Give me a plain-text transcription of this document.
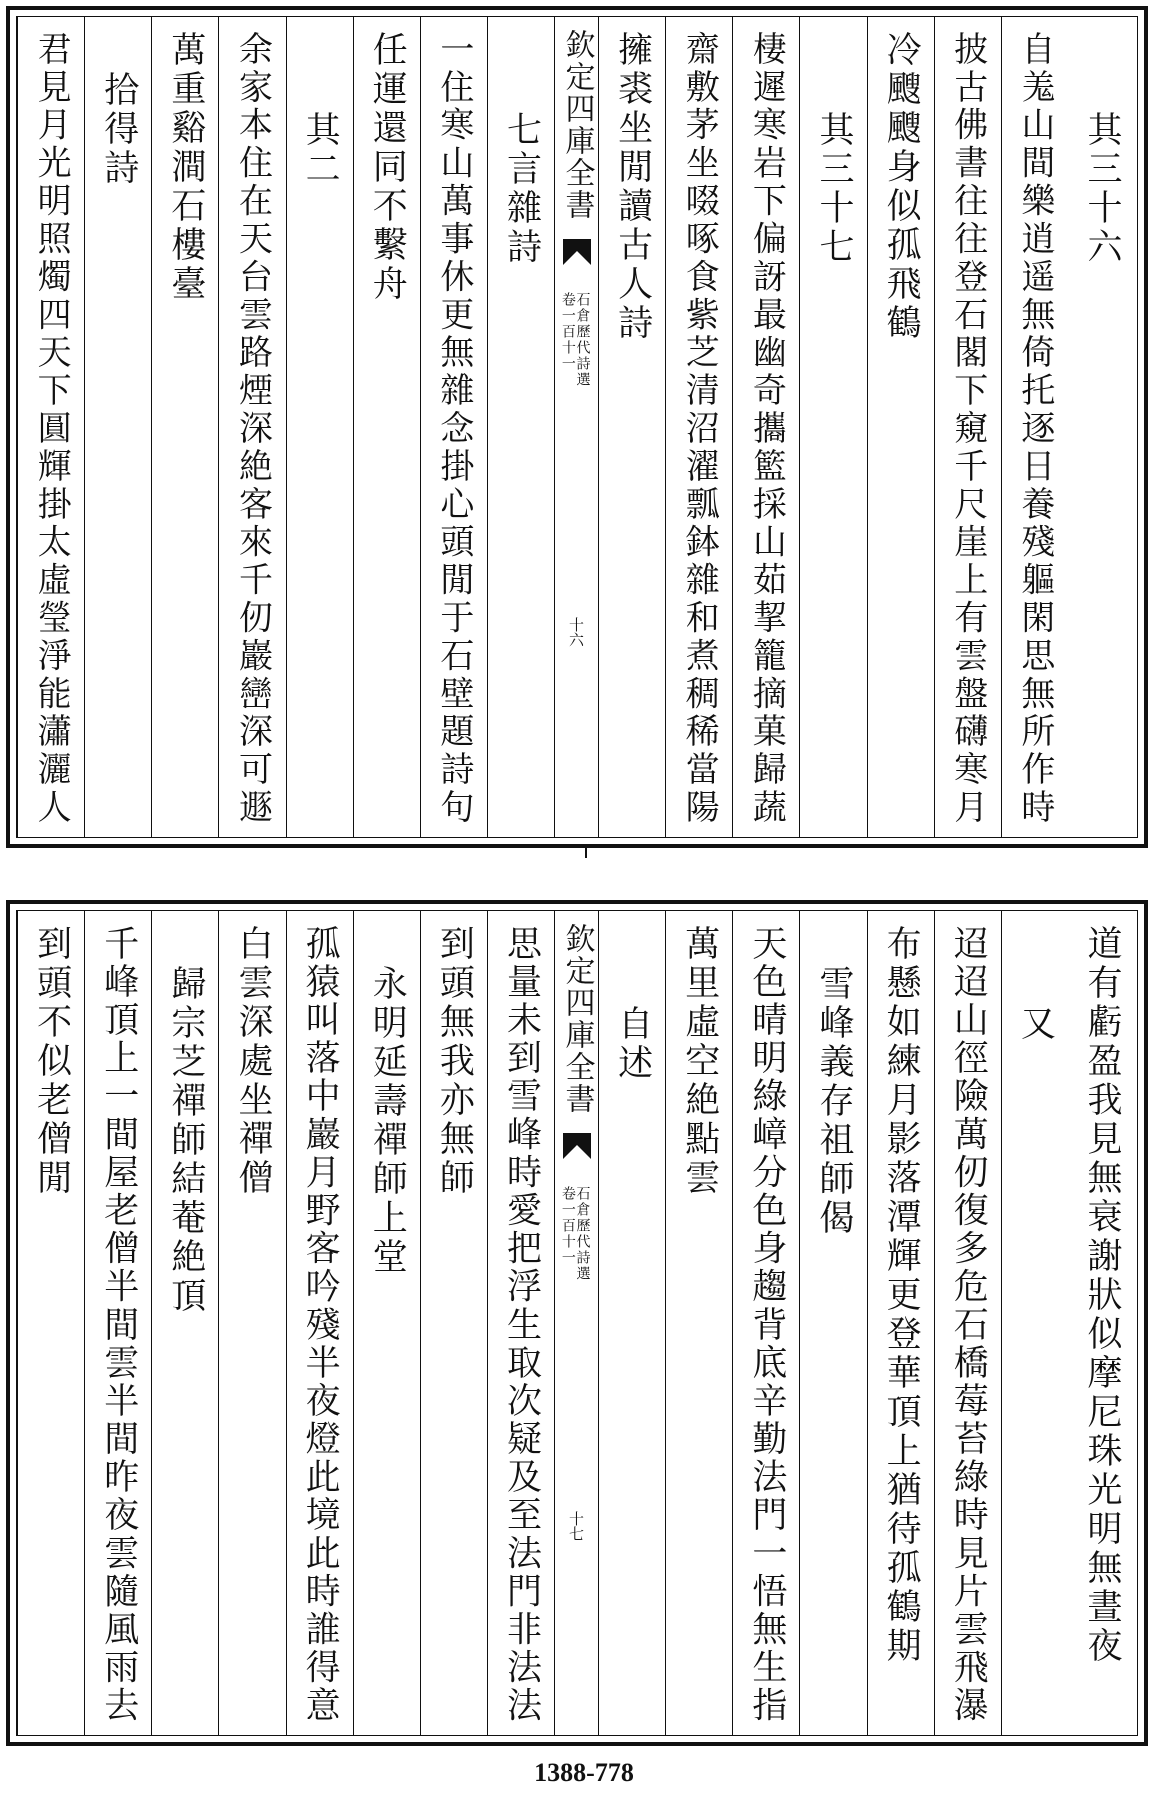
其三十六
自羗山間樂逍遥無倚托逐日養殘軀閑思無所作時
披古佛書往往登石閣下窺千尺崖上有雲盤礴寒月
冷颼颼身似孤飛鶴
其三十七
棲遲寒岩下偏訝最幽奇攜籃採山茹挈籠摘菓歸蔬
齋敷茅坐啜啄食紫芝清沼濯瓢鉢雜和煮稠稀當陽
擁裘坐閒讀古人詩
欽定四庫全書
石倉歷代詩選
卷一百十一
十六
七言雜詩
一住寒山萬事休更無雜念掛心頭閒于石壁題詩句
任運還同不繫舟
其二
余家本住在天台雲路煙深絶客來千仞巖巒深可遯
萬重谿澗石樓臺
拾得詩
君見月光明照燭四天下圓輝掛太虛瑩淨能瀟灑人
道有虧盈我見無衰謝狀似摩尼珠光明無晝夜
又
迢迢山徑險萬仞復多危石橋莓苔綠時見片雲飛瀑
布懸如練月影落潭輝更登華頂上猶待孤鶴期
雪峰義存祖師偈
天色晴明綠嶂分色身趨背底辛勤法門一悟無生指
萬里虛空絶點雲
自述
欽定四庫全書
石倉歷代詩選
卷一百十一
十七
思量未到雪峰時愛把浮生取次疑及至法門非法法
到頭無我亦無師
永明延壽禪師上堂
孤猿叫落中巖月野客吟殘半夜燈此境此時誰得意
白雲深處坐禪僧
歸宗芝禪師結菴絶頂
千峰頂上一間屋老僧半間雲半間昨夜雲隨風雨去
到頭不似老僧閒
1388-778
